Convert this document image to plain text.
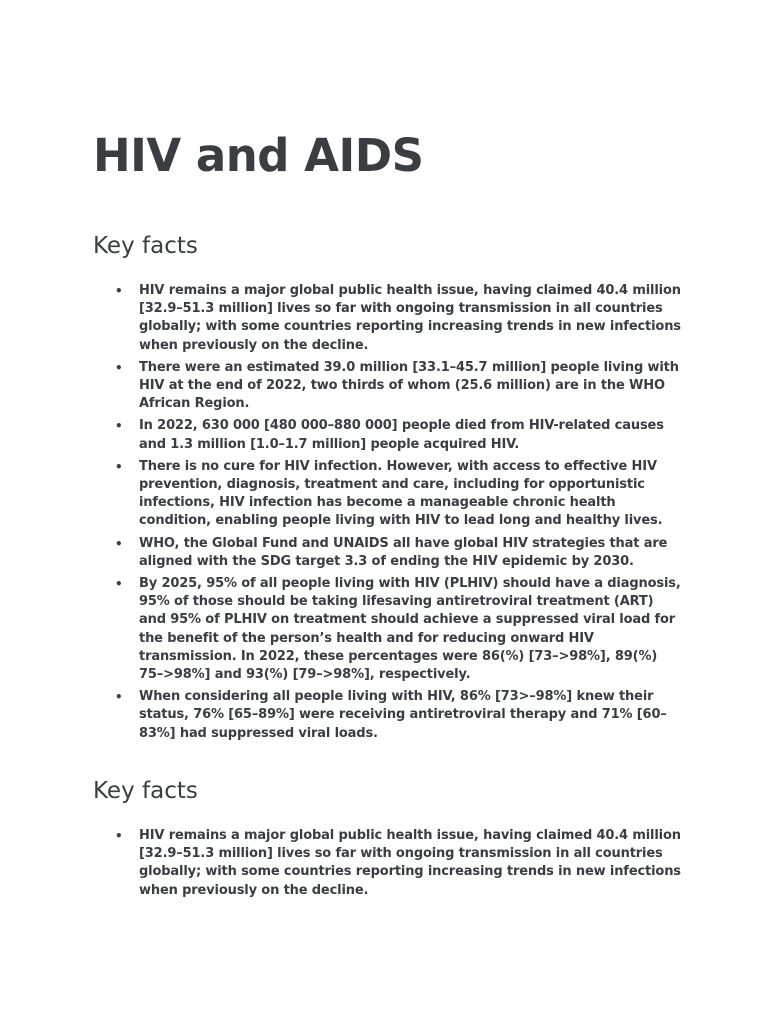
HIV and AIDS
Key facts
• HIV remains a major global public health issue, having claimed 40.4 million [32.9–51.3 million] lives so far with ongoing transmission in all countries globally; with some countries reporting increasing trends in new infections when previously on the decline.
• There were an estimated 39.0 million [33.1–45.7 million] people living with HIV at the end of 2022, two thirds of whom (25.6 million) are in the WHO African Region.
• In 2022, 630 000 [480 000–880 000] people died from HIV-related causes and 1.3 million [1.0–1.7 million] people acquired HIV.
• There is no cure for HIV infection. However, with access to effective HIV prevention, diagnosis, treatment and care, including for opportunistic infections, HIV infection has become a manageable chronic health condition, enabling people living with HIV to lead long and healthy lives.
• WHO, the Global Fund and UNAIDS all have global HIV strategies that are aligned with the SDG target 3.3 of ending the HIV epidemic by 2030.
• By 2025, 95% of all people living with HIV (PLHIV) should have a diagnosis, 95% of those should be taking lifesaving antiretroviral treatment (ART) and 95% of PLHIV on treatment should achieve a suppressed viral load for the benefit of the person’s health and for reducing onward HIV transmission. In 2022, these percentages were 86(%) [73–>98%], 89(%) 75–>98%] and 93(%) [79–>98%], respectively.
• When considering all people living with HIV, 86% [73>–98%] knew their status, 76% [65–89%] were receiving antiretroviral therapy and 71% [60–83%] had suppressed viral loads.
Key facts
• HIV remains a major global public health issue, having claimed 40.4 million [32.9–51.3 million] lives so far with ongoing transmission in all countries globally; with some countries reporting increasing trends in new infections when previously on the decline.
